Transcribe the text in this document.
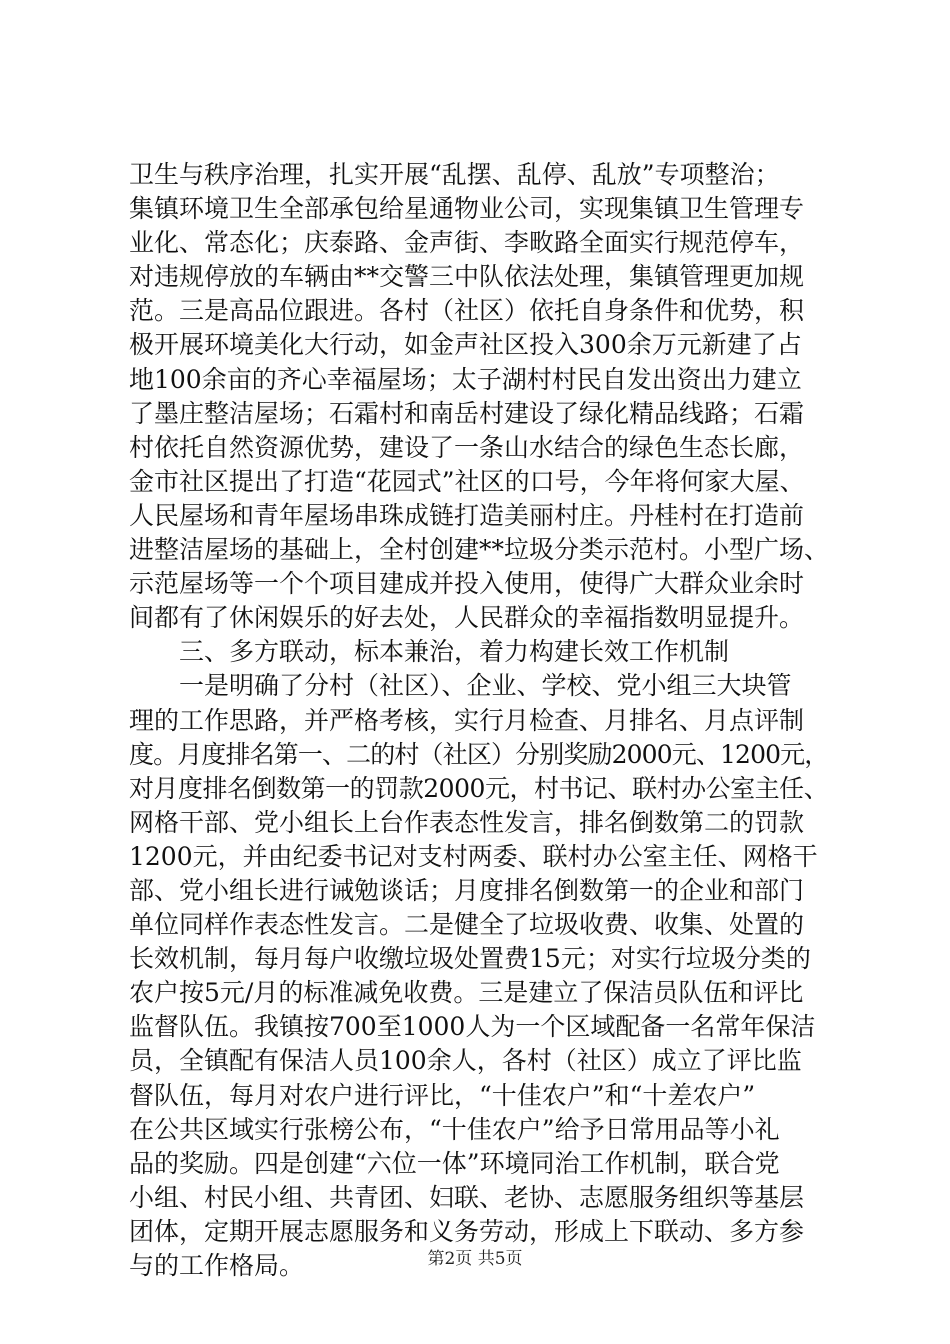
卫生与秩序治理，扎实开展“乱摆、乱停、乱放”专项整治；
集镇环境卫生全部承包给星通物业公司，实现集镇卫生管理专
业化、常态化；庆泰路、金声街、李畋路全面实行规范停车，
对违规停放的车辆由**交警三中队依法处理，集镇管理更加规
范。三是高品位跟进。各村（社区）依托自身条件和优势，积
极开展环境美化大行动，如金声社区投入300余万元新建了占
地100余亩的齐心幸福屋场；太子湖村村民自发出资出力建立
了墨庄整洁屋场；石霜村和南岳村建设了绿化精品线路；石霜
村依托自然资源优势，建设了一条山水结合的绿色生态长廊，
金市社区提出了打造“花园式”社区的口号，今年将何家大屋、
人民屋场和青年屋场串珠成链打造美丽村庄。丹桂村在打造前
进整洁屋场的基础上，全村创建**垃圾分类示范村。小型广场、
示范屋场等一个个项目建成并投入使用，使得广大群众业余时
间都有了休闲娱乐的好去处，人民群众的幸福指数明显提升。
　　三、多方联动，标本兼治，着力构建长效工作机制
　　一是明确了分村（社区）、企业、学校、党小组三大块管
理的工作思路，并严格考核，实行月检查、月排名、月点评制
度。月度排名第一、二的村（社区）分别奖励2000元、1200元，
对月度排名倒数第一的罚款2000元，村书记、联村办公室主任、
网格干部、党小组长上台作表态性发言，排名倒数第二的罚款
1200元，并由纪委书记对支村两委、联村办公室主任、网格干
部、党小组长进行诫勉谈话；月度排名倒数第一的企业和部门
单位同样作表态性发言。二是健全了垃圾收费、收集、处置的
长效机制，每月每户收缴垃圾处置费15元；对实行垃圾分类的
农户按5元/月的标准减免收费。三是建立了保洁员队伍和评比
监督队伍。我镇按700至1000人为一个区域配备一名常年保洁
员，全镇配有保洁人员100余人，各村（社区）成立了评比监
督队伍，每月对农户进行评比，“十佳农户”和“十差农户”
在公共区域实行张榜公布，“十佳农户”给予日常用品等小礼
品的奖励。四是创建“六位一体”环境同治工作机制，联合党
小组、村民小组、共青团、妇联、老协、志愿服务组织等基层
团体，定期开展志愿服务和义务劳动，形成上下联动、多方参
与的工作格局。	第2页 共5页
